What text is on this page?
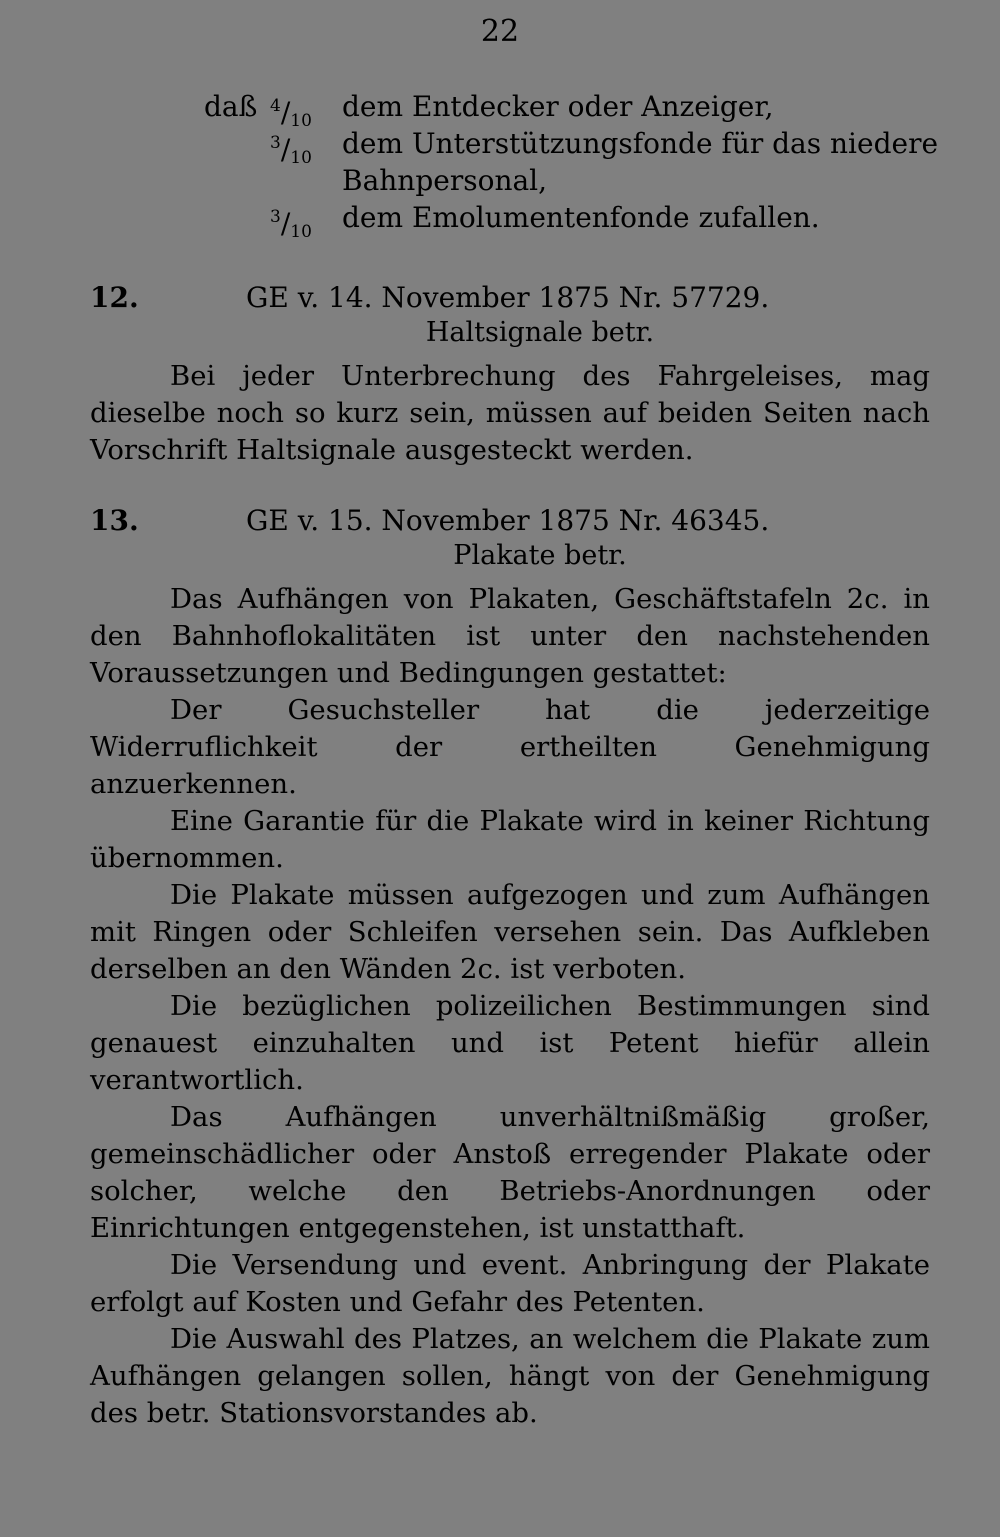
22
daß $^4/_{10}$ dem Entdecker oder Anzeiger,
$^3/_{10}$ dem Unterstützungsfonde für das niedere
Bahnpersonal,
$^3/_{10}$ dem Emolumentenfonde zufallen.
12.	GE v. 14. November 1875 Nr. 57729.
Haltsignale betr.

Bei jeder Unterbrechung des Fahrgeleises, mag dieselbe noch so kurz sein, müssen auf beiden Seiten nach Vorschrift Haltsignale ausgesteckt werden.

13.	GE v. 15. November 1875 Nr. 46345.
Plakate betr.

Das Aufhängen von Plakaten, Geschäftstafeln 2c. in den Bahnhoflokalitäten ist unter den nachstehenden Voraussetzungen und Bedingungen gestattet:

Der Gesuchsteller hat die jederzeitige Widerruflichkeit der ertheilten Genehmigung anzuerkennen.

Eine Garantie für die Plakate wird in keiner Richtung übernommen.

Die Plakate müssen aufgezogen und zum Aufhängen mit Ringen oder Schleifen versehen sein. Das Aufkleben derselben an den Wänden 2c. ist verboten.

Die bezüglichen polizeilichen Bestimmungen sind genauest einzuhalten und ist Petent hiefür allein verantwortlich.

Das Aufhängen unverhältnißmäßig großer, gemeinschädlicher oder Anstoß erregender Plakate oder solcher, welche den Betriebs-Anordnungen oder Einrichtungen entgegenstehen, ist unstatthaft.

Die Versendung und event. Anbringung der Plakate erfolgt auf Kosten und Gefahr des Petenten.

Die Auswahl des Platzes, an welchem die Plakate zum Aufhängen gelangen sollen, hängt von der Genehmigung des betr. Stationsvorstandes ab.
